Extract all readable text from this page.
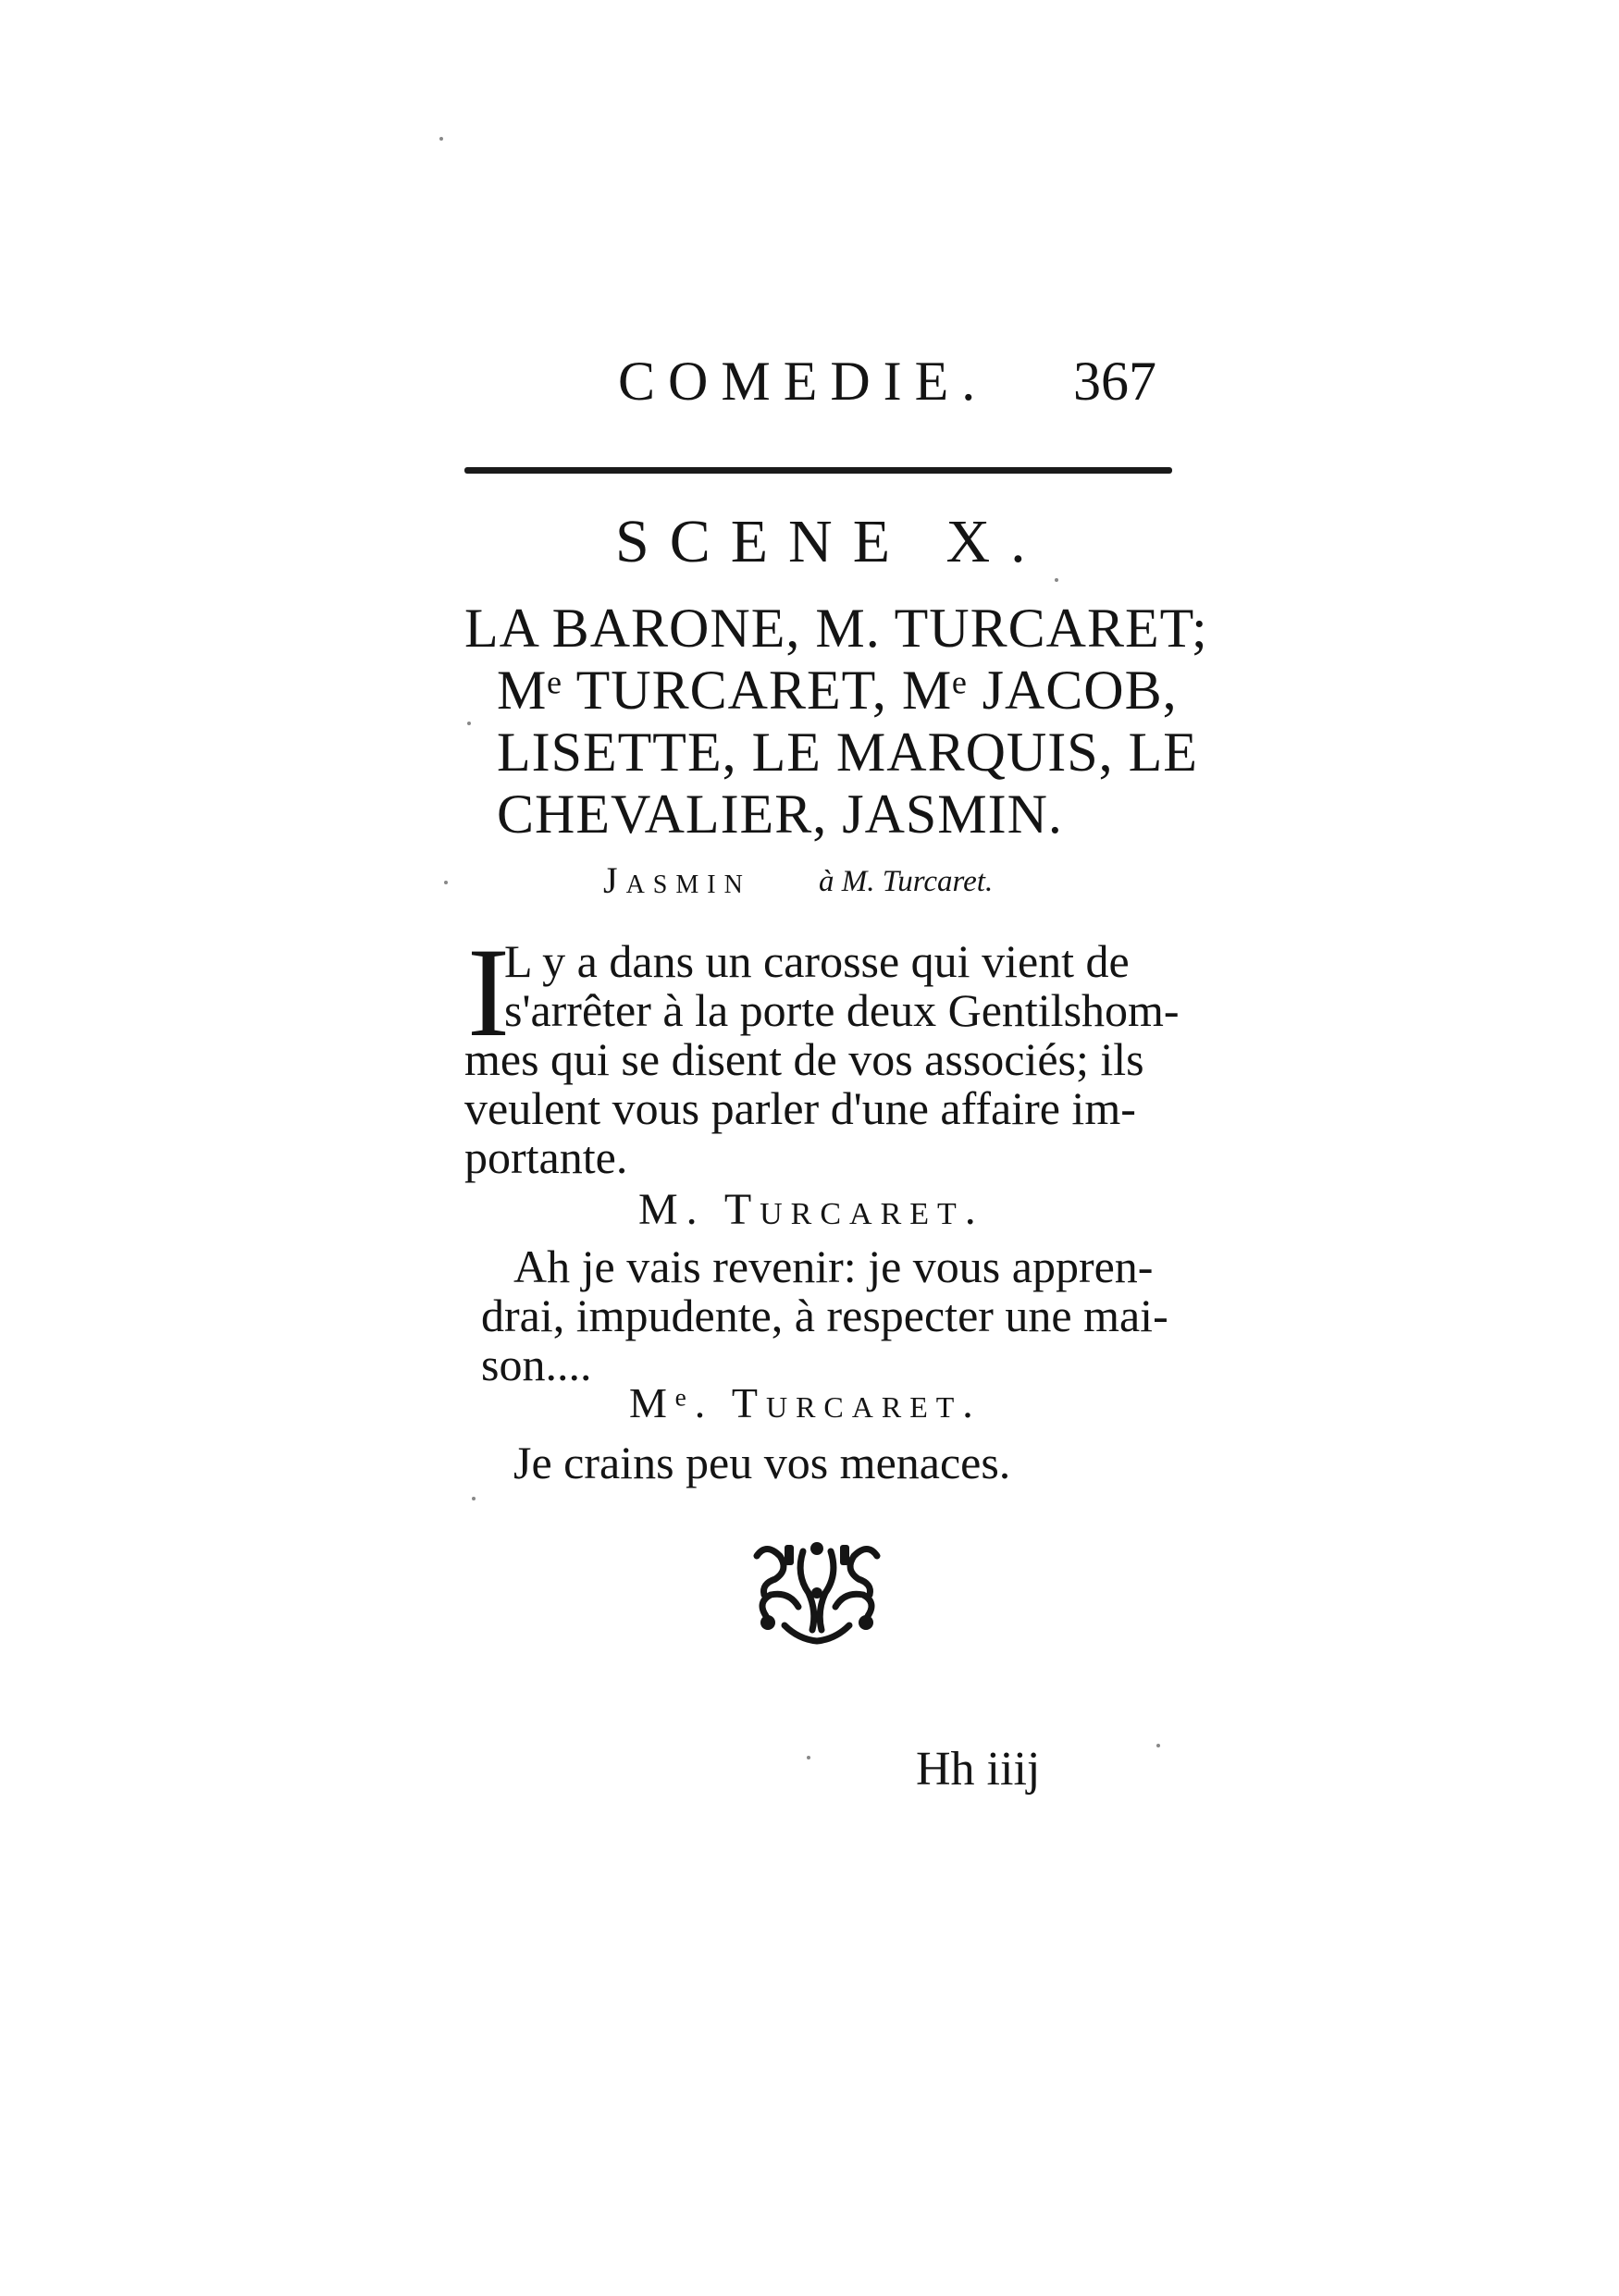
COMEDIE. 367
SCENE X.
LA BARONE, M. TURCARET;
Mᵉ TURCARET, Mᵉ JACOB,
LISETTE, LE MARQUIS, LE
CHEVALIER, JASMIN.
Jasmin à M. Turcaret.
I
L y a dans un carosse qui vient de
s'arrêter à la porte deux Gentilshom-
mes qui se disent de vos associés; ils
veulent vous parler d'une affaire im-
portante.
M. Turcaret.
Ah je vais revenir: je vous appren-
drai, impudente, à respecter une mai-
son....
Mᵉ. Turcaret.
Je crains peu vos menaces.
Hh iiij
